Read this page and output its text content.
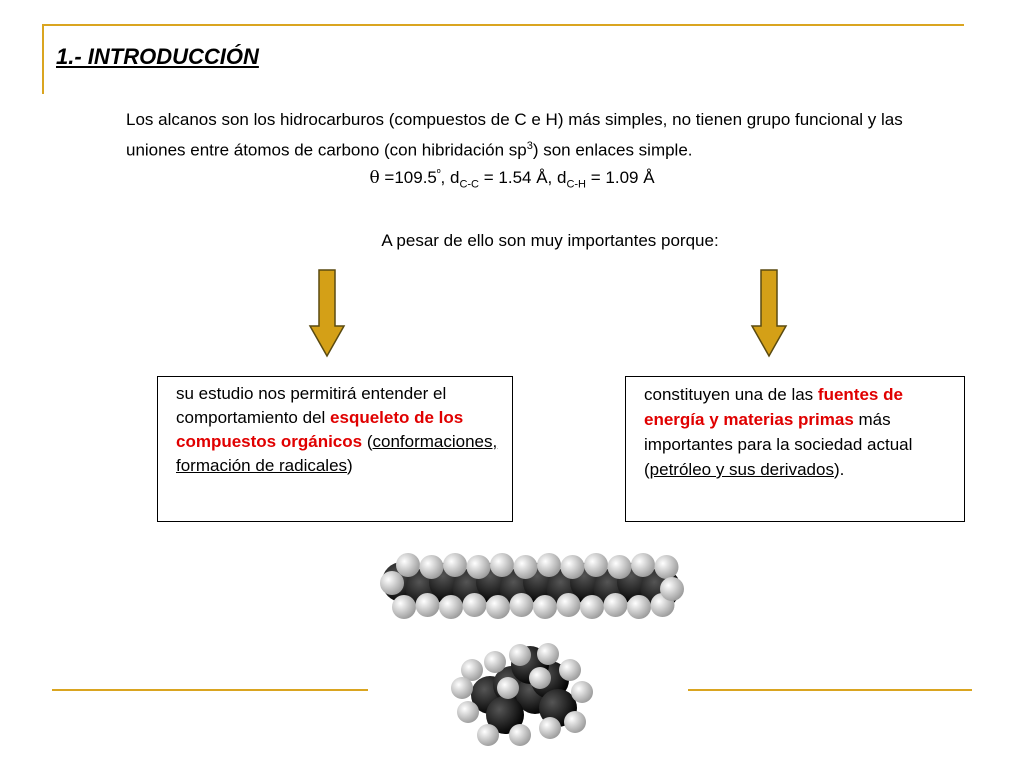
1.- INTRODUCCIÓN
Los alcanos son los hidrocarburos (compuestos de C e H) más simples, no tienen grupo funcional y las uniones entre átomos de carbono (con hibridación $sp^3$) son enlaces simple.
$\theta =109.5^º$, $d_{C-C} = 1.54$ Å, $d_{C-H} = 1.09$ Å
A pesar de ello son muy importantes porque:
su estudio nos permitirá entender el comportamiento del esqueleto de los compuestos orgánicos (conformaciones, formación de radicales)
constituyen una de las fuentes de energía y materias primas más importantes para la sociedad actual (petróleo y sus derivados).
